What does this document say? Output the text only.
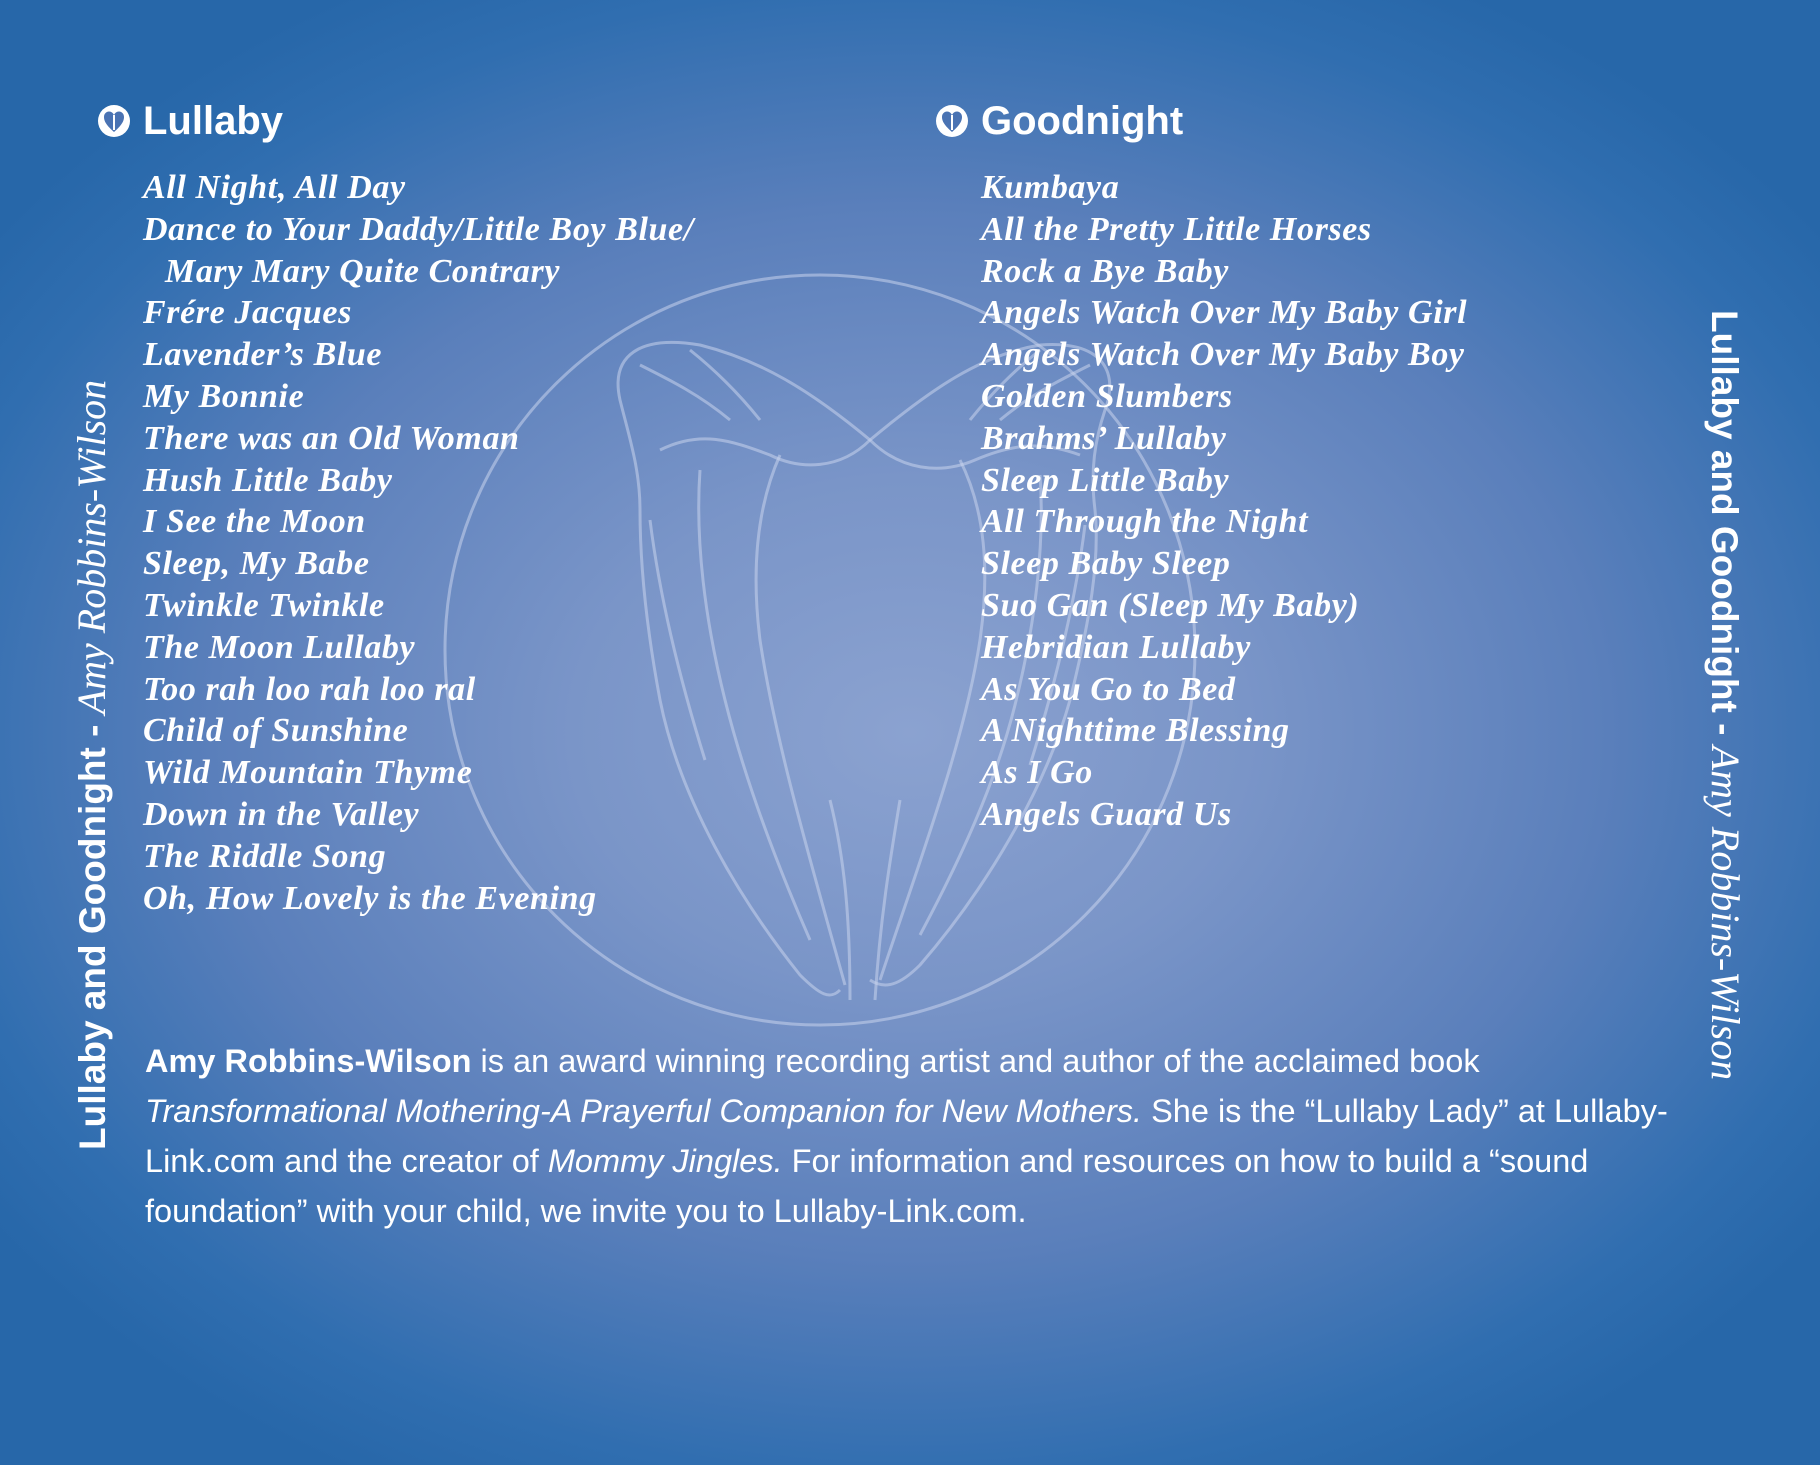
Lullaby and Goodnight - Amy Robbins-Wilson	Lullaby and Goodnight - Amy Robbins-Wilson
Lullaby
All Night, All Day
Dance to Your Daddy/Little Boy Blue/
Mary Mary Quite Contrary
Frére Jacques
Lavender’s Blue
My Bonnie
There was an Old Woman
Hush Little Baby
I See the Moon
Sleep, My Babe
Twinkle Twinkle
The Moon Lullaby
Too rah loo rah loo ral
Child of Sunshine
Wild Mountain Thyme
Down in the Valley
The Riddle Song
Oh, How Lovely is the Evening
Goodnight
Kumbaya
All the Pretty Little Horses
Rock a Bye Baby
Angels Watch Over My Baby Girl
Angels Watch Over My Baby Boy
Golden Slumbers
Brahms’ Lullaby
Sleep Little Baby
All Through the Night
Sleep Baby Sleep
Suo Gan (Sleep My Baby)
Hebridian Lullaby
As You Go to Bed
A Nighttime Blessing
As I Go
Angels Guard Us

Amy Robbins-Wilson is an award winning recording artist and author of the acclaimed book Transformational Mothering-A Prayerful Companion for New Mothers. She is the “Lullaby Lady” at Lullaby-Link.com and the creator of Mommy Jingles. For information and resources on how to build a “sound foundation” with your child, we invite you to Lullaby-Link.com.
